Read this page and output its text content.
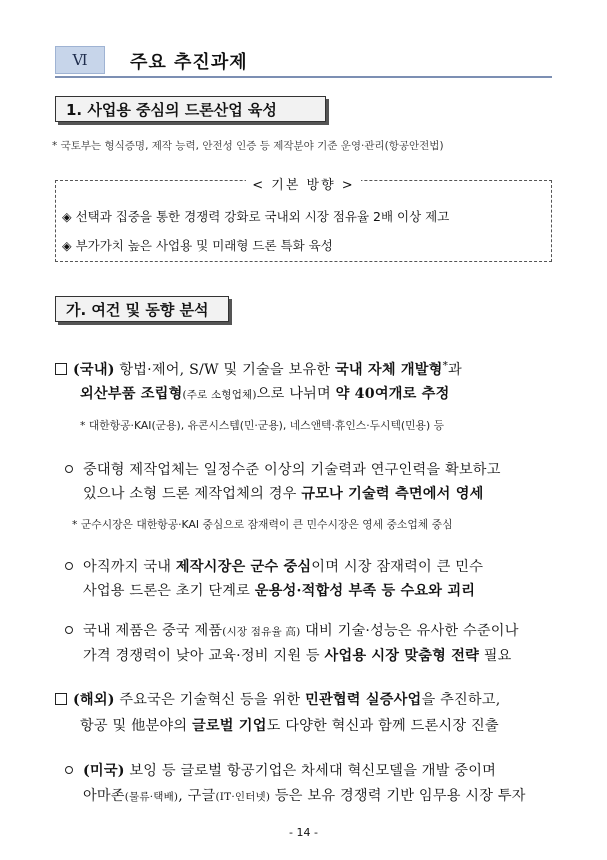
Ⅵ 주요 추진과제
1. 사업용 중심의 드론산업 육성
* 국토부는 형식증명, 제작 능력, 안전성 인증 등 제작분야 기준 운영·관리(항공안전법)
< 기본 방향 >
◈ 선택과 집중을 통한 경쟁력 강화로 국내외 시장 점유율 2배 이상 제고
◈ 부가가치 높은 사업용 및 미래형 드론 특화 육성
가. 여건 및 동향 분석
(국내) 항법·제어, S/W 및 기술을 보유한 국내 자체 개발형*과
외산부품 조립형(주로 소형업체)으로 나뉘며 약 40여개로 추정
* 대한항공·KAI(군용), 유콘시스템(민·군용), 네스앤텍·휴인스·두시텍(민용) 등
중대형 제작업체는 일정수준 이상의 기술력과 연구인력을 확보하고
있으나 소형 드론 제작업체의 경우 규모나 기술력 측면에서 영세
* 군수시장은 대한항공·KAI 중심으로 잠재력이 큰 민수시장은 영세 중소업체 중심
아직까지 국내 제작시장은 군수 중심이며 시장 잠재력이 큰 민수
사업용 드론은 초기 단계로 운용성·적합성 부족 등 수요와 괴리
국내 제품은 중국 제품(시장 점유율 高) 대비 기술·성능은 유사한 수준이나
가격 경쟁력이 낮아 교육·정비 지원 등 사업용 시장 맞춤형 전략 필요
(해외) 주요국은 기술혁신 등을 위한 민관협력 실증사업을 추진하고,
항공 및 他분야의 글로벌 기업도 다양한 혁신과 함께 드론시장 진출
(미국) 보잉 등 글로벌 항공기업은 차세대 혁신모델을 개발 중이며
아마존(물류·택배), 구글(IT·인터넷) 등은 보유 경쟁력 기반 임무용 시장 투자
- 14 -
